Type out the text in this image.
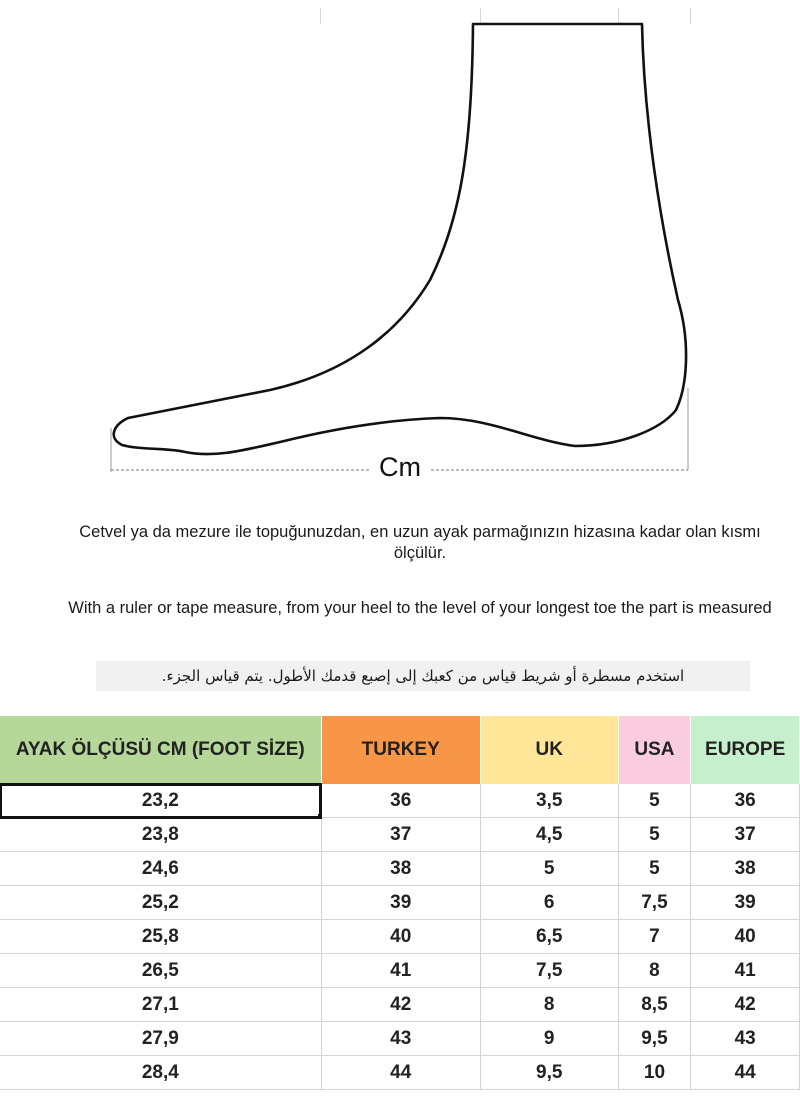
Cm
Cetvel ya da mezure ile topuğunuzdan, en uzun ayak parmağınızın hizasına kadar olan kısmı ölçülür.
With a ruler or tape measure, from your heel to the level of your longest toe the part is measured
استخدم مسطرة أو شريط قياس من كعبك إلى إصبع قدمك الأطول. يتم قياس الجزء.
AYAK ÖLÇÜSÜ CM (FOOT SİZE)	TURKEY	UK	USA	EUROPE
23,2	36	3,5	5	36
23,8	37	4,5	5	37
24,6	38	5	5	38
25,2	39	6	7,5	39
25,8	40	6,5	7	40
26,5	41	7,5	8	41
27,1	42	8	8,5	42
27,9	43	9	9,5	43
28,4	44	9,5	10	44
